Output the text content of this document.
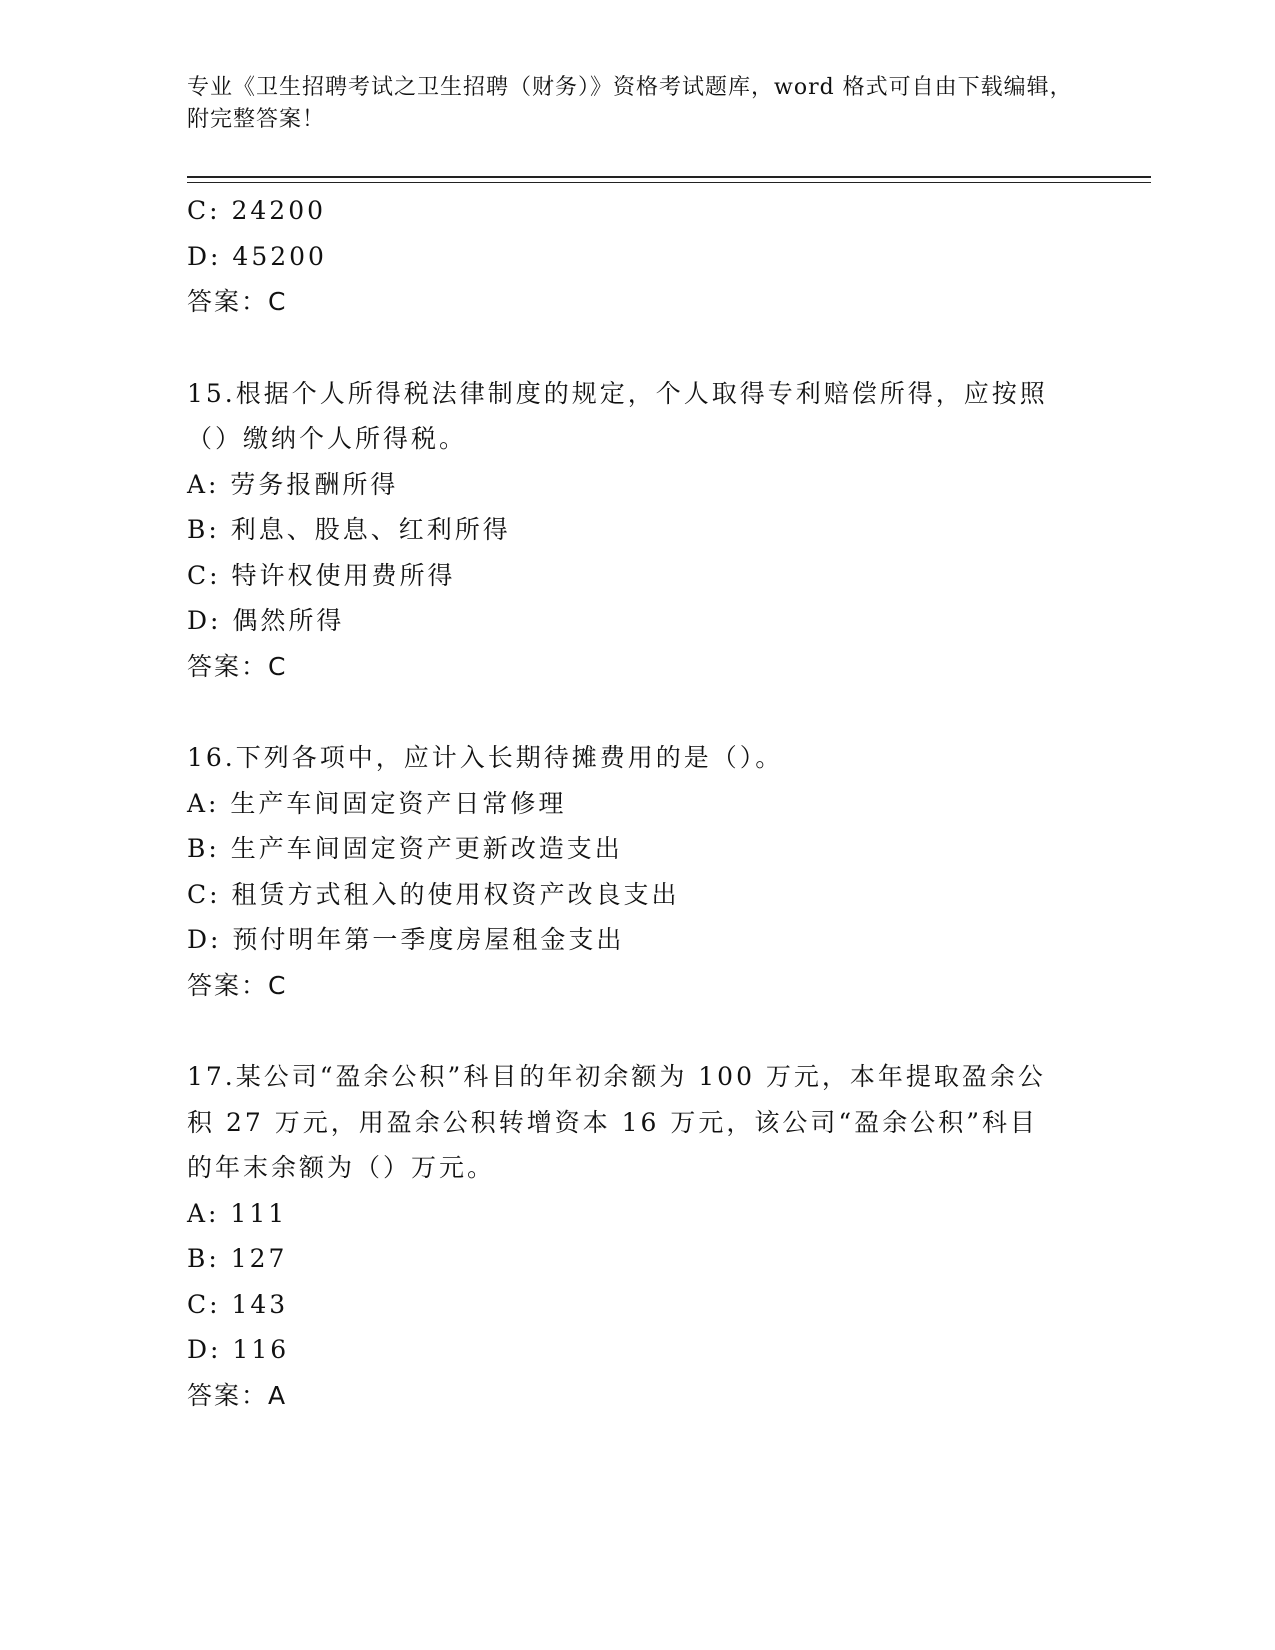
专业《卫生招聘考试之卫生招聘（财务）》资格考试题库，word 格式可自由下载编辑，附完整答案！

C: 24200

D: 45200

答案：C

15.根据个人所得税法律制度的规定，个人取得专利赔偿所得，应按照

（）缴纳个人所得税。

A: 劳务报酬所得

B: 利息、股息、红利所得

C: 特许权使用费所得

D: 偶然所得

答案：C

16.下列各项中，应计入长期待摊费用的是（）。

A: 生产车间固定资产日常修理

B: 生产车间固定资产更新改造支出

C: 租赁方式租入的使用权资产改良支出

D: 预付明年第一季度房屋租金支出

答案：C

17.某公司“盈余公积”科目的年初余额为 100 万元，本年提取盈余公

积 27 万元，用盈余公积转增资本 16 万元，该公司“盈余公积”科目

的年末余额为（）万元。

A: 111

B: 127

C: 143

D: 116

答案：A
